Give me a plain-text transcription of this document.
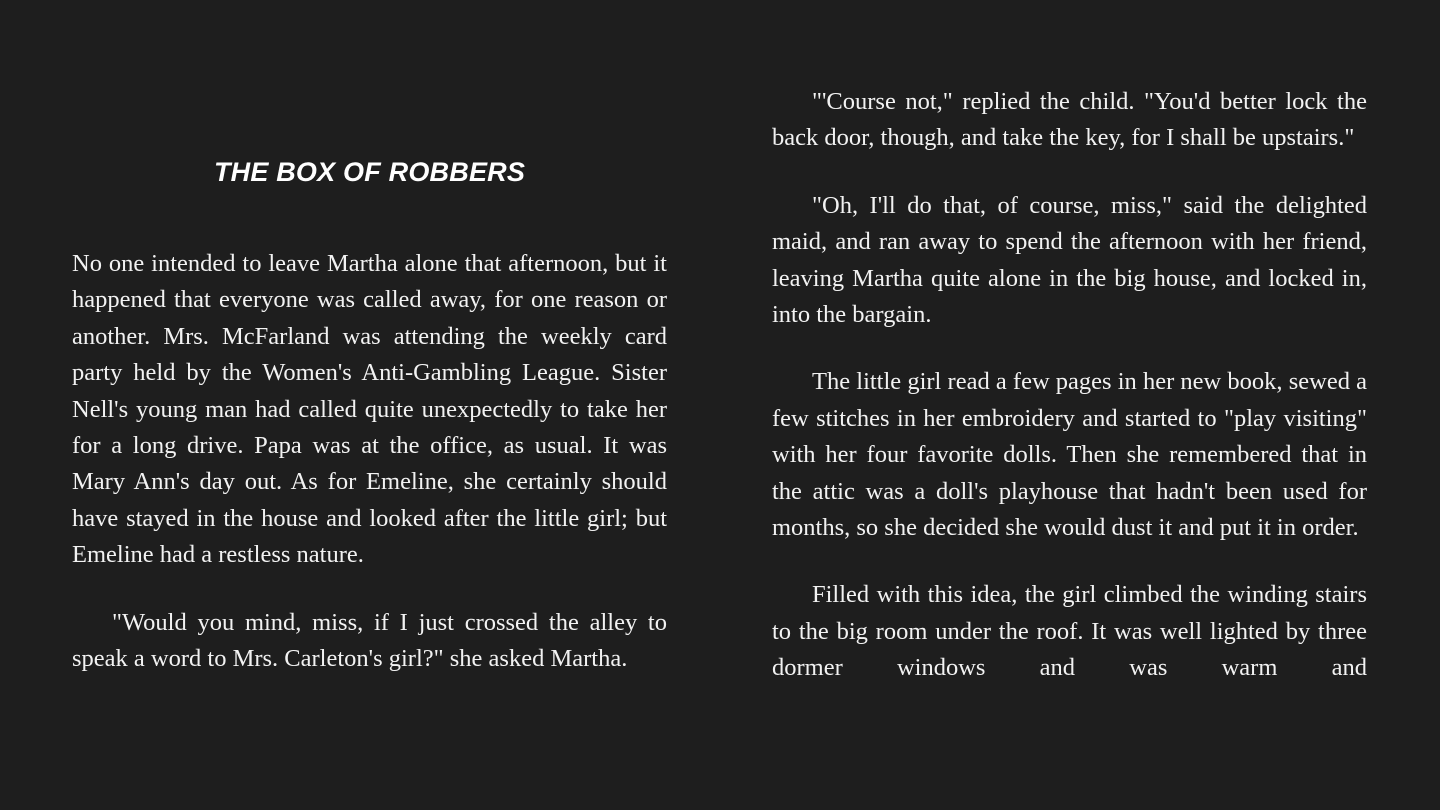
THE BOX OF ROBBERS

No one intended to leave Martha alone that afternoon, but it happened that everyone was called away, for one reason or another. Mrs. McFarland was attending the weekly card party held by the Women's Anti-Gambling League. Sister Nell's young man had called quite unexpectedly to take her for a long drive. Papa was at the office, as usual. It was Mary Ann's day out. As for Emeline, she certainly should have stayed in the house and looked after the little girl; but Emeline had a restless nature.

"Would you mind, miss, if I just crossed the alley to speak a word to Mrs. Carleton's girl?" she asked Martha.

"'Course not," replied the child. "You'd better lock the back door, though, and take the key, for I shall be upstairs."

"Oh, I'll do that, of course, miss," said the delighted maid, and ran away to spend the afternoon with her friend, leaving Martha quite alone in the big house, and locked in, into the bargain.

The little girl read a few pages in her new book, sewed a few stitches in her embroidery and started to "play visiting" with her four favorite dolls. Then she remembered that in the attic was a doll's playhouse that hadn't been used for months, so she decided she would dust it and put it in order.

Filled with this idea, the girl climbed the winding stairs to the big room under the roof. It was well lighted by three dormer windows and was warm and
